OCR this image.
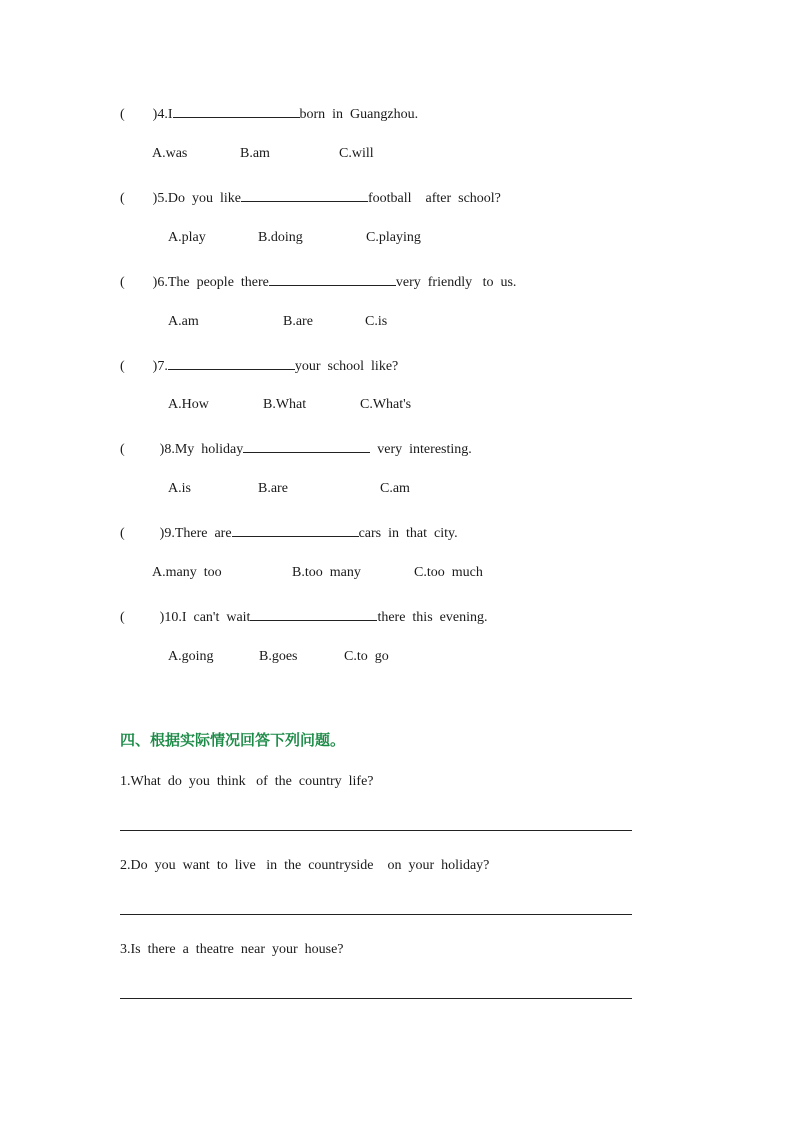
(        )4.I	born  in  Guangzhou.
A.was	B.am	C.will
(        )5.Do  you  like	football    after  school?
A.play	B.doing	C.playing
(        )6.The  people  there	very  friendly   to  us.
A.am	B.are	C.is
(        )7.	your  school  like?
A.How	B.What	C.What's
(          )8.My  holiday	very  interesting.
A.is	B.are	C.am
(          )9.There  are	cars  in  that  city.
A.many  too	B.too  many	C.too  much
(          )10.I  can't  wait	there  this  evening.
A.going	B.goes	C.to  go
四、根据实际情况回答下列问题。
1.What  do  you  think   of  the  country  life?
2.Do  you  want  to  live   in  the  countryside    on  your  holiday?
3.Is  there  a  theatre  near  your  house?
